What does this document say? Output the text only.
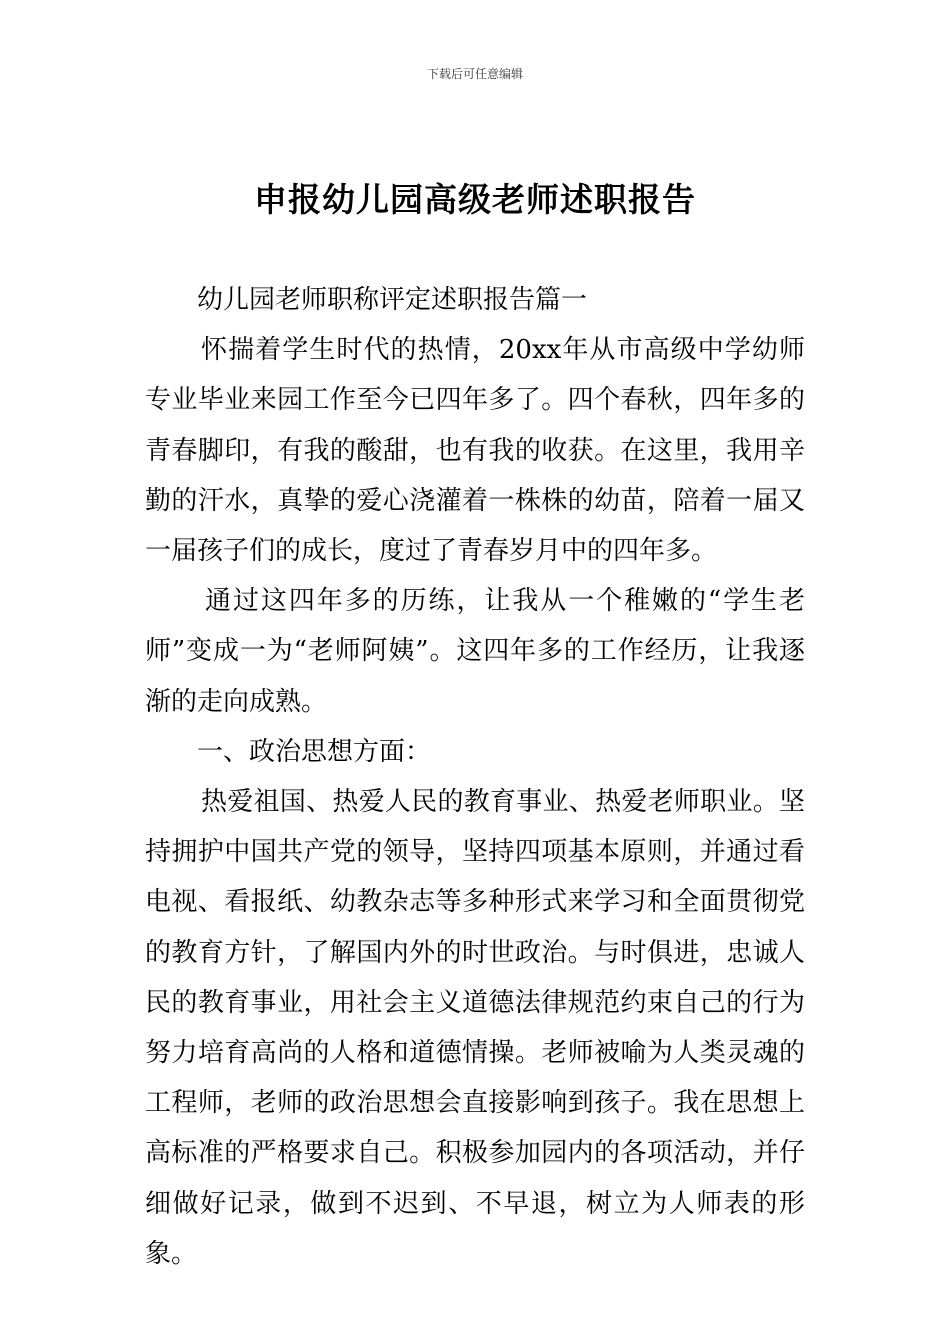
下载后可任意编辑
申报幼儿园高级老师述职报告

幼儿园老师职称评定述职报告篇一

怀揣着学生时代的热情，20xx年从市高级中学幼师专业毕业来园工作至今已四年多了。四个春秋，四年多的青春脚印，有我的酸甜，也有我的收获。在这里，我用辛勤的汗水，真挚的爱心浇灌着一株株的幼苗，陪着一届又一届孩子们的成长，度过了青春岁月中的四年多。

通过这四年多的历练，让我从一个稚嫩的“学生老师”变成一为“老师阿姨”。这四年多的工作经历，让我逐渐的走向成熟。

一、政治思想方面：

热爱祖国、热爱人民的教育事业、热爱老师职业。坚持拥护中国共产党的领导，坚持四项基本原则，并通过看电视、看报纸、幼教杂志等多种形式来学习和全面贯彻党的教育方针，了解国内外的时世政治。与时俱进，忠诚人民的教育事业，用社会主义道德法律规范约束自己的行为努力培育高尚的人格和道德情操。老师被喻为人类灵魂的工程师，老师的政治思想会直接影响到孩子。我在思想上高标准的严格要求自己。积极参加园内的各项活动，并仔细做好记录，做到不迟到、不早退，树立为人师表的形象。
